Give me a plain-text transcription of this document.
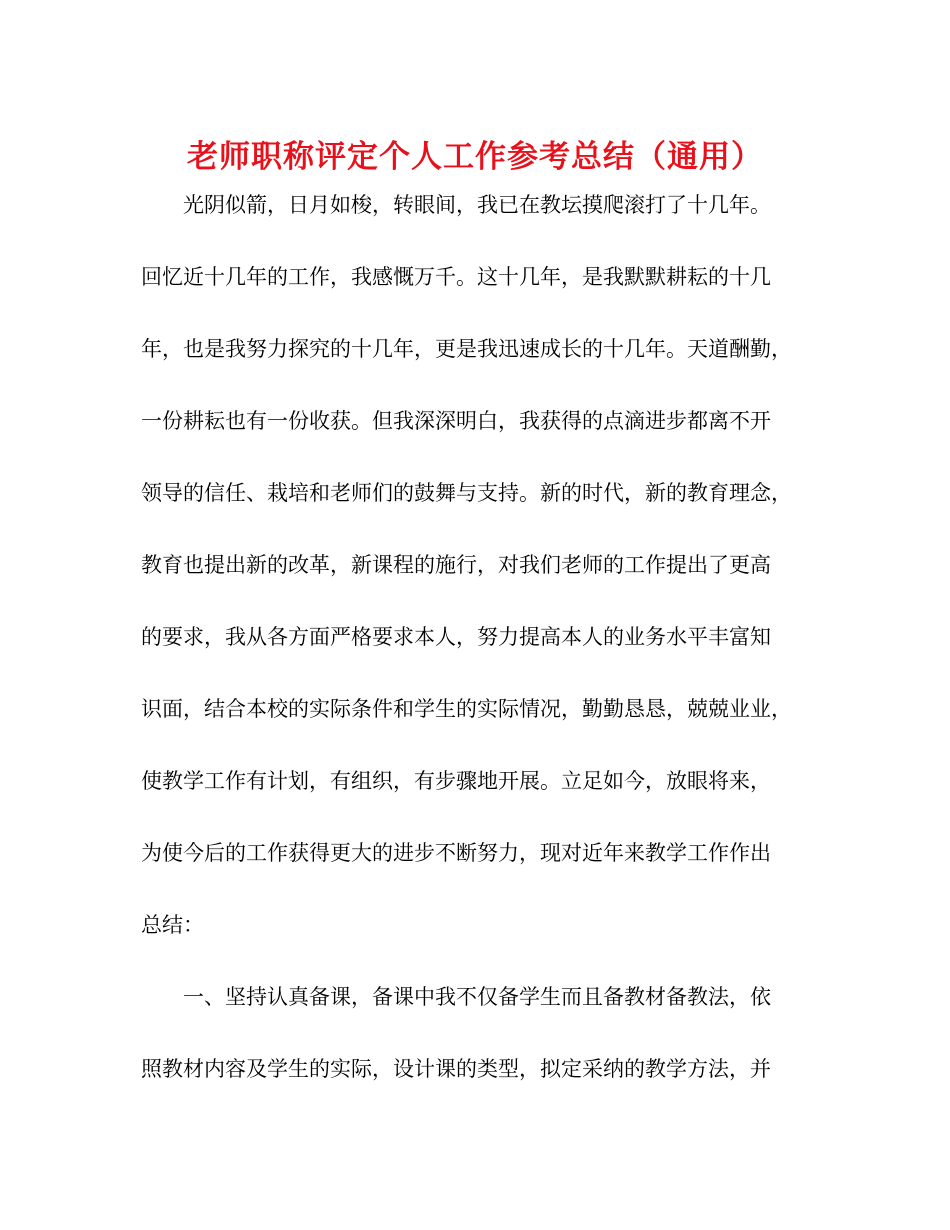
老师职称评定个人工作参考总结（通用）
　　光阴似箭，日月如梭，转眼间，我已在教坛摸爬滚打了十几年。
回忆近十几年的工作，我感慨万千。这十几年，是我默默耕耘的十几
年，也是我努力探究的十几年，更是我迅速成长的十几年。天道酬勤，
一份耕耘也有一份收获。但我深深明白，我获得的点滴进步都离不开
领导的信任、栽培和老师们的鼓舞与支持。新的时代，新的教育理念，
教育也提出新的改革，新课程的施行，对我们老师的工作提出了更高
的要求，我从各方面严格要求本人，努力提高本人的业务水平丰富知
识面，结合本校的实际条件和学生的实际情况，勤勤恳恳，兢兢业业，
使教学工作有计划，有组织，有步骤地开展。立足如今，放眼将来，
为使今后的工作获得更大的进步不断努力，现对近年来教学工作作出
总结：
　　一、坚持认真备课，备课中我不仅备学生而且备教材备教法，依
照教材内容及学生的实际，设计课的类型，拟定采纳的教学方法，并
